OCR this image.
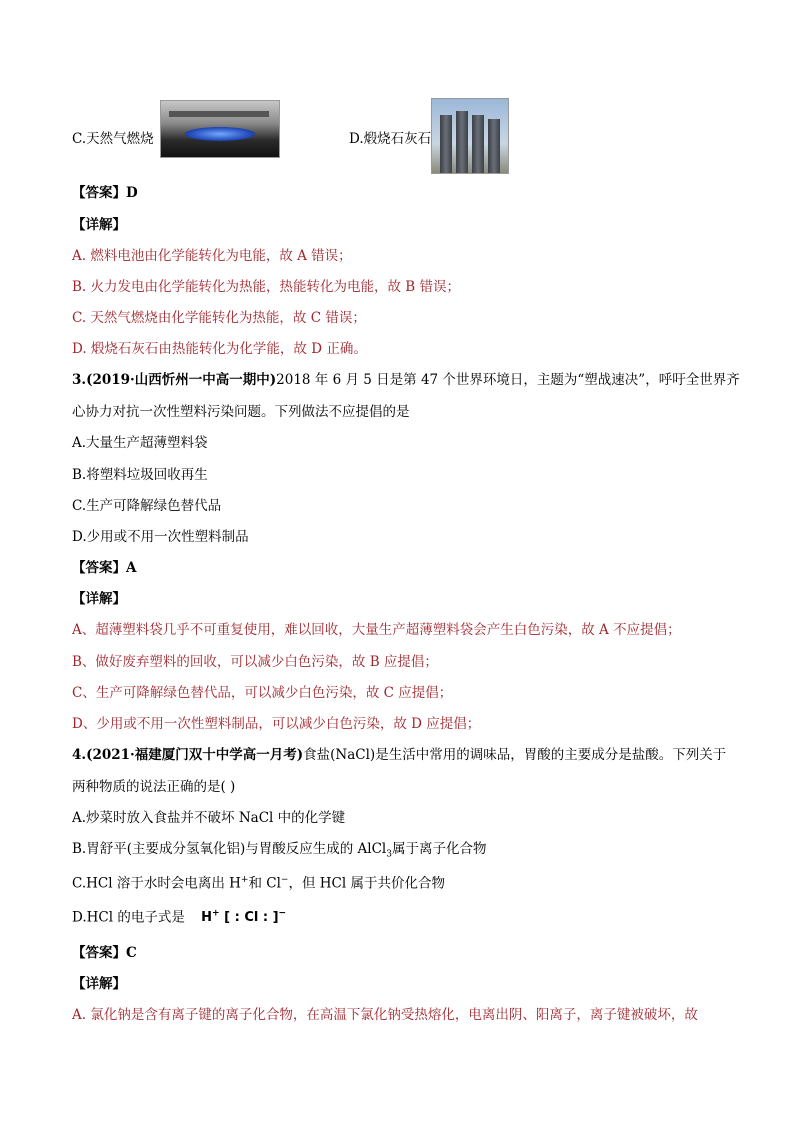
C.天然气燃烧	D.煅烧石灰石
【答案】D
【详解】
A. 燃料电池由化学能转化为电能，故 A 错误；
B. 火力发电由化学能转化为热能，热能转化为电能，故 B 错误；
C. 天然气燃烧由化学能转化为热能，故 C 错误；
D. 煅烧石灰石由热能转化为化学能，故 D 正确。
3.(2019·山西忻州一中高一期中)2018 年 6 月 5 日是第 47 个世界环境日，主题为“塑战速决”，呼吁全世界齐
心协力对抗一次性塑料污染问题。下列做法不应提倡的是
A.大量生产超薄塑料袋
B.将塑料垃圾回收再生
C.生产可降解绿色替代品
D.少用或不用一次性塑料制品
【答案】A
【详解】
A、超薄塑料袋几乎不可重复使用，难以回收，大量生产超薄塑料袋会产生白色污染，故 A 不应提倡；
B、做好废弃塑料的回收，可以减少白色污染，故 B 应提倡；
C、生产可降解绿色替代品，可以减少白色污染，故 C 应提倡；
D、少用或不用一次性塑料制品，可以减少白色污染，故 D 应提倡；
4.(2021·福建厦门双十中学高一月考)食盐(NaCl)是生活中常用的调味品，胃酸的主要成分是盐酸。下列关于
两种物质的说法正确的是( )
A.炒菜时放入食盐并不破坏 NaCl 中的化学键
B.胃舒平(主要成分氢氧化铝)与胃酸反应生成的 AlCl$_3$属于离子化合物
C.HCl 溶于水时会电离出 H+和 Cl−，但 HCl 属于共价化合物
D.HCl 的电子式是 H+ [ : Cl : ]−
【答案】C
【详解】
A. 氯化钠是含有离子键的离子化合物，在高温下氯化钠受热熔化，电离出阴、阳离子，离子键被破坏，故
